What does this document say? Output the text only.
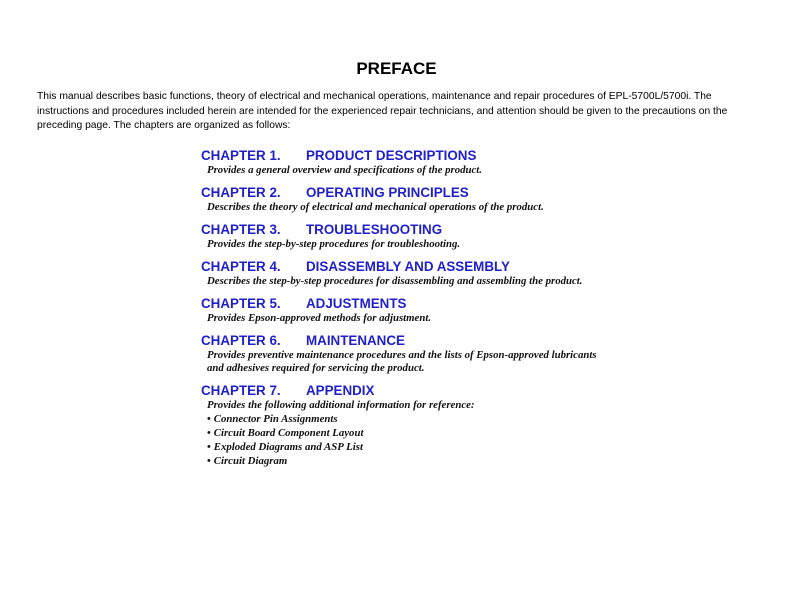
PREFACE

This manual describes basic functions, theory of electrical and mechanical operations, maintenance and repair procedures of EPL-5700L/5700i. The instructions and procedures included herein are intended for the experienced repair technicians, and attention should be given to the precautions on the preceding page. The chapters are organized as follows:

CHAPTER 1.	PRODUCT DESCRIPTIONS

Provides a general overview and specifications of the product.

CHAPTER 2.	OPERATING PRINCIPLES

Describes the theory of electrical and mechanical operations of the product.

CHAPTER 3.	TROUBLESHOOTING

Provides the step-by-step procedures for troubleshooting.

CHAPTER 4.	DISASSEMBLY AND ASSEMBLY

Describes the step-by-step procedures for disassembling and assembling the product.

CHAPTER 5.	ADJUSTMENTS

Provides Epson-approved methods for adjustment.

CHAPTER 6.	MAINTENANCE

Provides preventive maintenance procedures and the lists of Epson-approved lubricants and adhesives required for servicing the product.

CHAPTER 7.	APPENDIX

Provides the following additional information for reference:

• Connector Pin Assignments
• Circuit Board Component Layout
• Exploded Diagrams and ASP List
• Circuit Diagram
